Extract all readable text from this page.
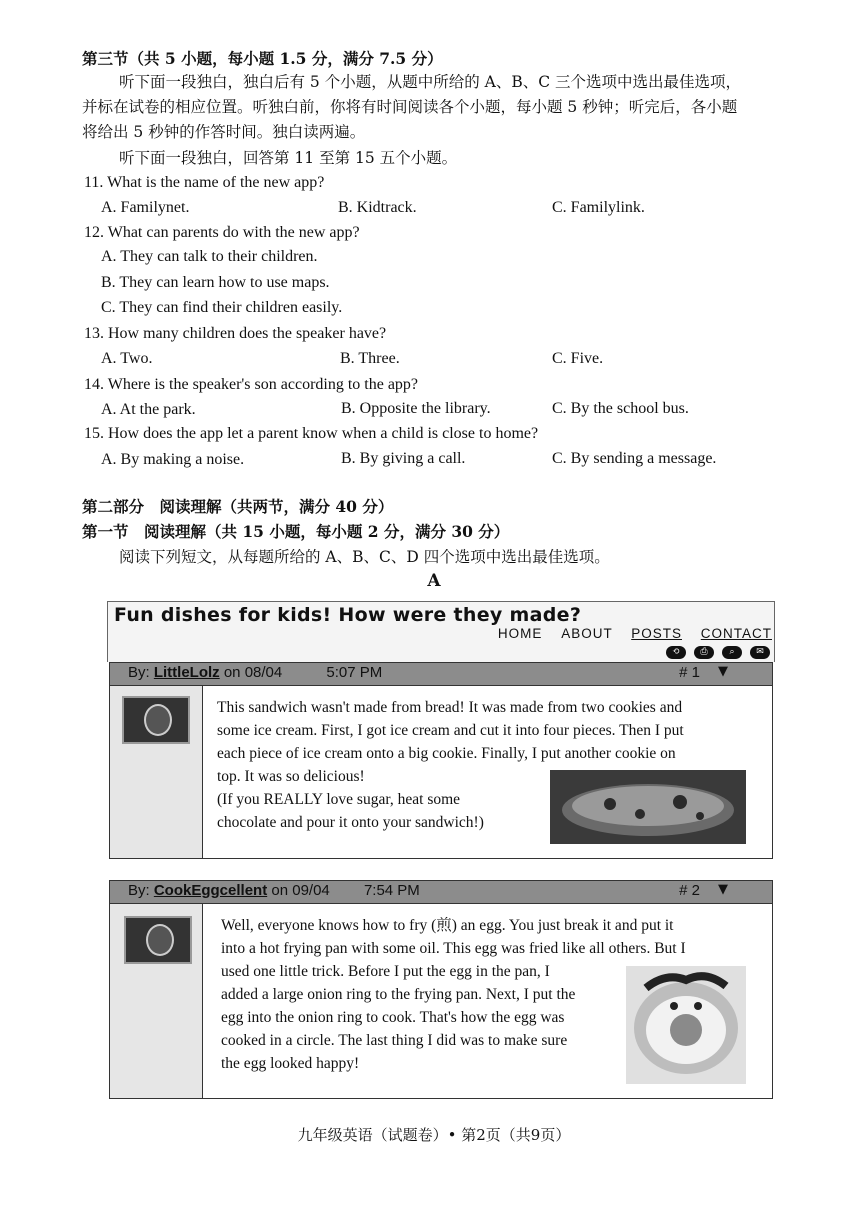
第三节（共 5 小题，每小题 1.5 分，满分 7.5 分）
听下面一段独白，独白后有 5 个小题，从题中所给的 A、B、C 三个选项中选出最佳选项，
并标在试卷的相应位置。听独白前，你将有时间阅读各个小题，每小题 5 秒钟；听完后，各小题
将给出 5 秒钟的作答时间。独白读两遍。
听下面一段独白，回答第 11 至第 15 五个小题。
11. What is the name of the new app?
A. Familynet.	B. Kidtrack.	C. Familylink.
12. What can parents do with the new app?
A. They can talk to their children.
B. They can learn how to use maps.
C. They can find their children easily.
13. How many children does the speaker have?
A. Two.	B. Three.	C. Five.
14. Where is the speaker's son according to the app?
A. At the park.	B. Opposite the library.	C. By the school bus.
15. How does the app let a parent know when a child is close to home?
A. By making a noise.	B. By giving a call.	C. By sending a message.
第二部分　阅读理解（共两节，满分 40 分）
第一节　阅读理解（共 15 小题，每小题 2 分，满分 30 分）
阅读下列短文，从每题所给的 A、B、C、D 四个选项中选出最佳选项。
A
Fun dishes for kids! How were they made?
HOME ABOUT POSTS CONTACT
⟲	⎙	⌕	✉
By: LittleLolz on 08/04	5:07 PM	# 1 ▼
This sandwich wasn't made from bread! It was made from two cookies and
some ice cream. First, I got ice cream and cut it into four pieces. Then I put
each piece of ice cream onto a big cookie. Finally, I put another cookie on
top. It was so delicious!
(If you REALLY love sugar, heat some
chocolate and pour it onto your sandwich!)
By: CookEggcellent on 09/04 7:54 PM	# 2 ▼
Well, everyone knows how to fry (煎) an egg. You just break it and put it
into a hot frying pan with some oil. This egg was fried like all others. But I
used one little trick. Before I put the egg in the pan, I
added a large onion ring to the frying pan. Next, I put the
egg into the onion ring to cook. That's how the egg was
cooked in a circle. The last thing I did was to make sure
the egg looked happy!
九年级英语（试题卷）• 第2页（共9页）
